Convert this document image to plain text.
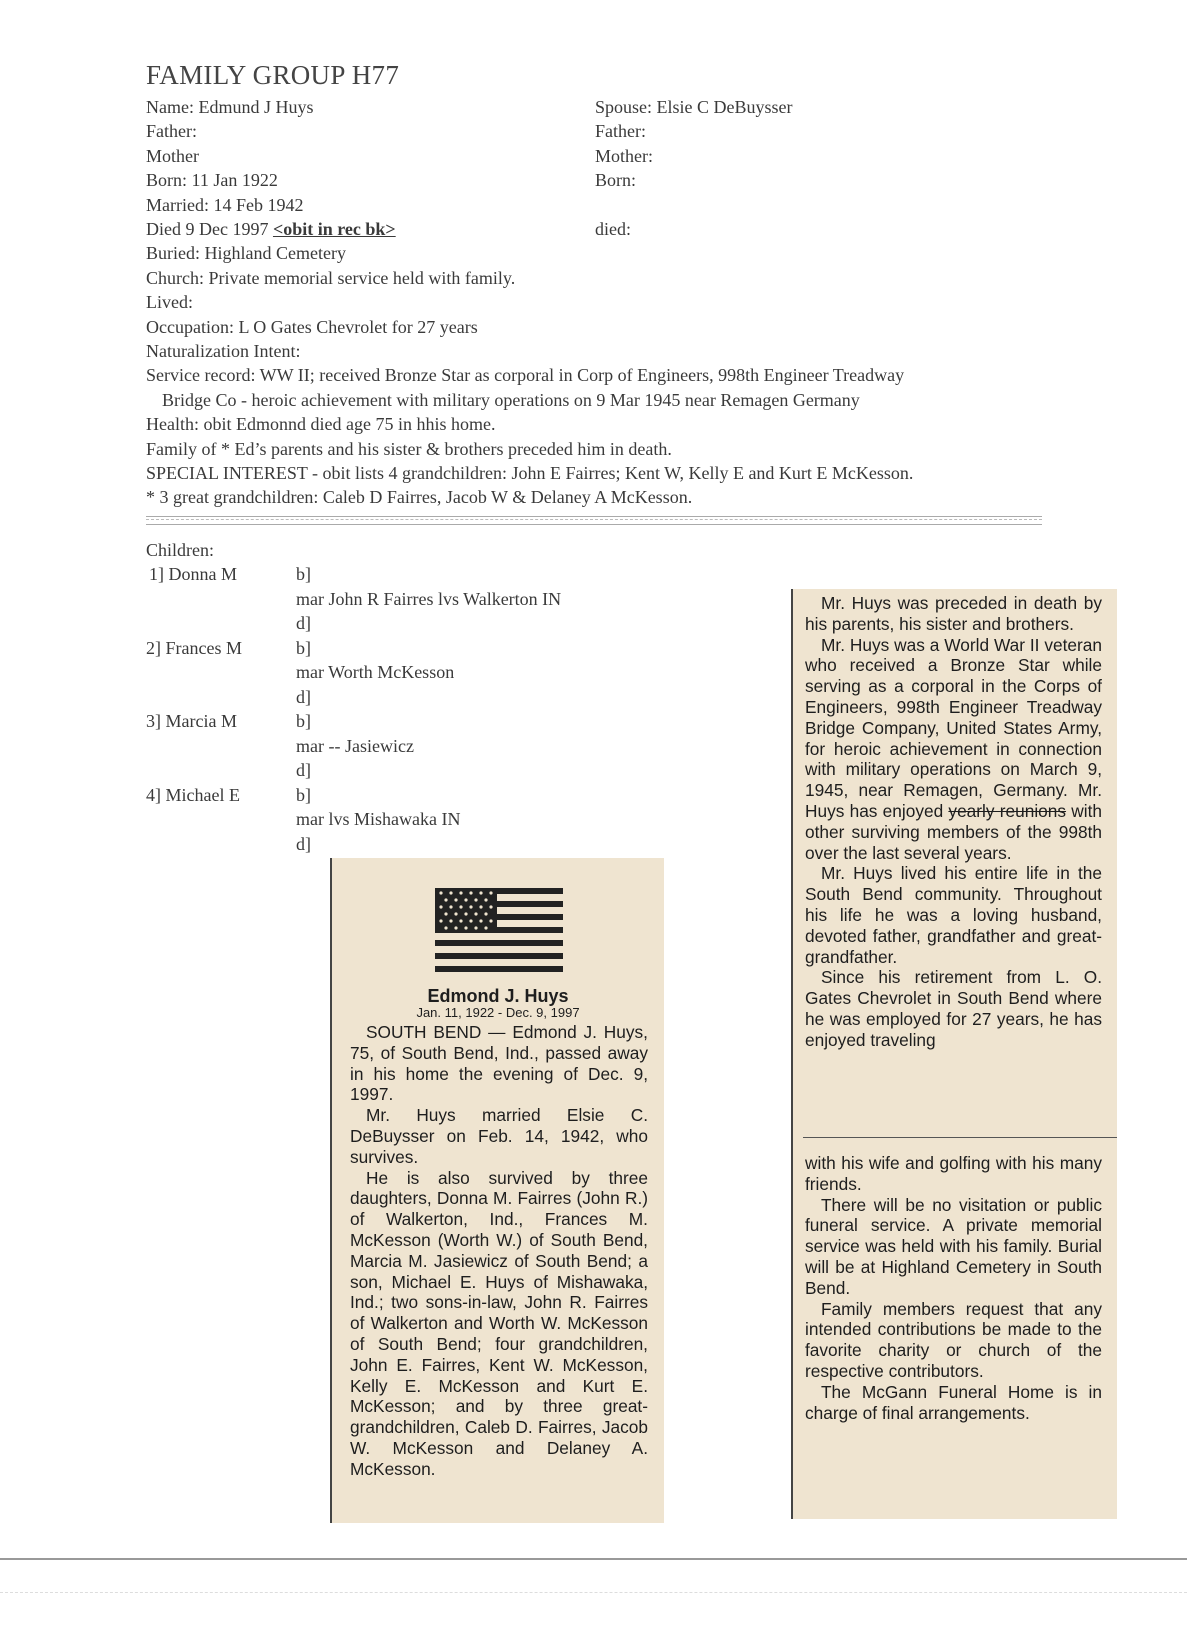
FAMILY GROUP H77
Name: Edmund J Huys
Father:
Mother
Born: 11 Jan 1922
Married: 14 Feb 1942
Died 9 Dec 1997 <obit in rec bk>
Buried: Highland Cemetery
Church: Private memorial service held with family.
Lived:
Occupation: L O Gates Chevrolet for 27 years
Naturalization Intent:
Service record: WW II; received Bronze Star as corporal in Corp of Engineers, 998th Engineer Treadway
Bridge Co - heroic achievement with military operations on 9 Mar 1945 near Remagen Germany
Health: obit Edmonnd died age 75 in hhis home.
Family of * Ed’s parents and his sister & brothers preceded him in death.
SPECIAL INTEREST - obit lists 4 grandchildren: John E Fairres; Kent W, Kelly E and Kurt E McKesson.
* 3 great grandchildren: Caleb D Fairres, Jacob W & Delaney A McKesson.
Spouse: Elsie C DeBuysser
Father:
Mother:
Born:
died:
Children:
1] Donna M	b]
mar John R Fairres lvs Walkerton IN
d]
2] Frances M	b]
mar Worth McKesson
d]
3] Marcia M	b]
mar -- Jasiewicz
d]
4] Michael E	b]
mar lvs Mishawaka IN
d]
Edmond J. Huys
Jan. 11, 1922 - Dec. 9, 1997

SOUTH BEND — Edmond J. Huys, 75, of South Bend, Ind., passed away in his home the evening of Dec. 9, 1997.

Mr. Huys married Elsie C. DeBuysser on Feb. 14, 1942, who survives.

He is also survived by three daughters, Donna M. Fairres (John R.) of Walkerton, Ind., Frances M. McKesson (Worth W.) of South Bend, Marcia M. Jasiewicz of South Bend; a son, Michael E. Huys of Mishawaka, Ind.; two sons-in-law, John R. Fairres of Walkerton and Worth W. McKesson of South Bend; four grandchildren, John E. Fairres, Kent W. McKesson, Kelly E. McKesson and Kurt E. McKesson; and by three great-grandchildren, Caleb D. Fairres, Jacob W. McKesson and Delaney A. McKesson.

Mr. Huys was preceded in death by his parents, his sister and brothers.

Mr. Huys was a World War II veteran who received a Bronze Star while serving as a corporal in the Corps of Engineers, 998th Engineer Treadway Bridge Company, United States Army, for heroic achievement in connection with military operations on March 9, 1945, near Remagen, Germany. Mr. Huys has enjoyed yearly reunions with other surviving members of the 998th over the last several years.

Mr. Huys lived his entire life in the South Bend community. Throughout his life he was a loving husband, devoted father, grandfather and great-grandfather.

Since his retirement from L. O. Gates Chevrolet in South Bend where he was employed for 27 years, he has enjoyed traveling

with his wife and golfing with his many friends.

There will be no visitation or public funeral service. A private memorial service was held with his family. Burial will be at Highland Cemetery in South Bend.

Family members request that any intended contributions be made to the favorite charity or church of the respective contributors.

The McGann Funeral Home is in charge of final arrangements.
